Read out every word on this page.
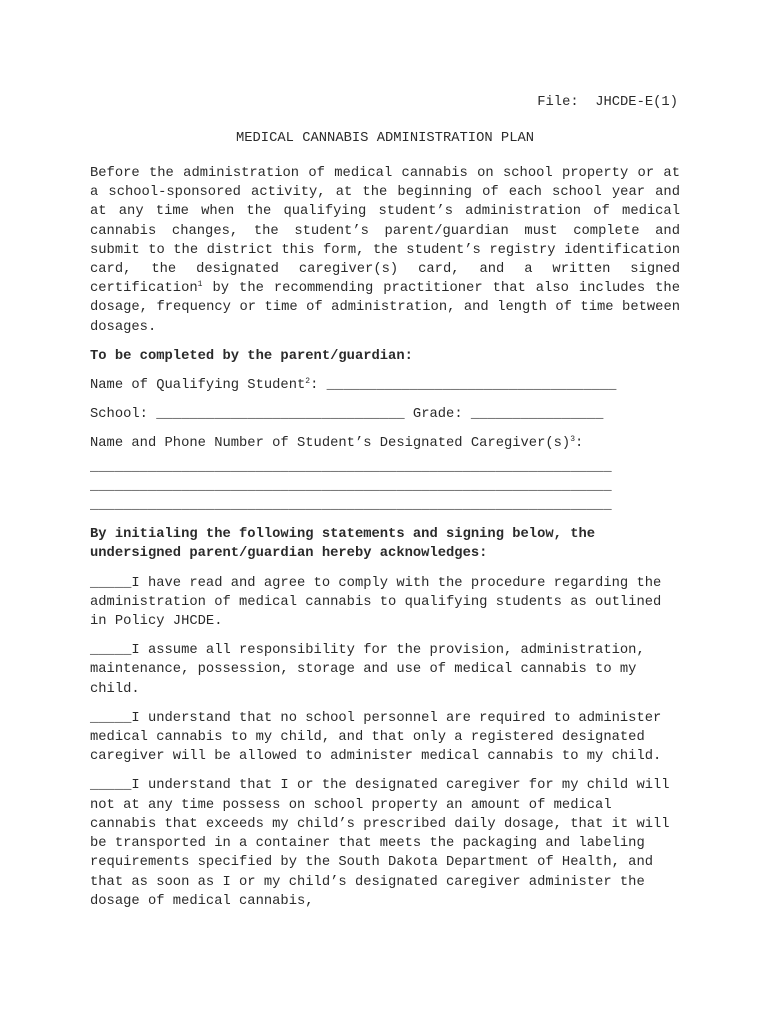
File:  JHCDE-E(1)
MEDICAL CANNABIS ADMINISTRATION PLAN

Before the administration of medical cannabis on school property or at a school-sponsored activity, at the beginning of each school year and at any time when the qualifying student’s administration of medical cannabis changes, the student’s parent/guardian must complete and submit to the district this form, the student’s registry identification card, the designated caregiver(s) card, and a written signed certification$^1$ by the recommending practitioner that also includes the dosage, frequency or time of administration, and length of time between dosages.

To be completed by the parent/guardian:

Name of Qualifying Student$^2$: ___________________________________
School: ______________________________ Grade: ________________
Name and Phone Number of Student’s Designated $Caregiver(s)^3$:
_______________________________________________________________
_______________________________________________________________
_______________________________________________________________

By initialing the following statements and signing below, the undersigned parent/guardian hereby acknowledges:

_____I have read and agree to comply with the procedure regarding the administration of medical cannabis to qualifying students as outlined in Policy JHCDE.

_____I assume all responsibility for the provision, administration, maintenance, possession, storage and use of medical cannabis to my child.

_____I understand that no school personnel are required to administer medical cannabis to my child, and that only a registered designated caregiver will be allowed to administer medical cannabis to my child.

_____I understand that I or the designated caregiver for my child will not at any time possess on school property an amount of medical cannabis that exceeds my child’s prescribed daily dosage, that it will be transported in a container that meets the packaging and labeling requirements specified by the South Dakota Department of Health, and that as soon as I or my child’s designated caregiver administer the dosage of medical cannabis,
